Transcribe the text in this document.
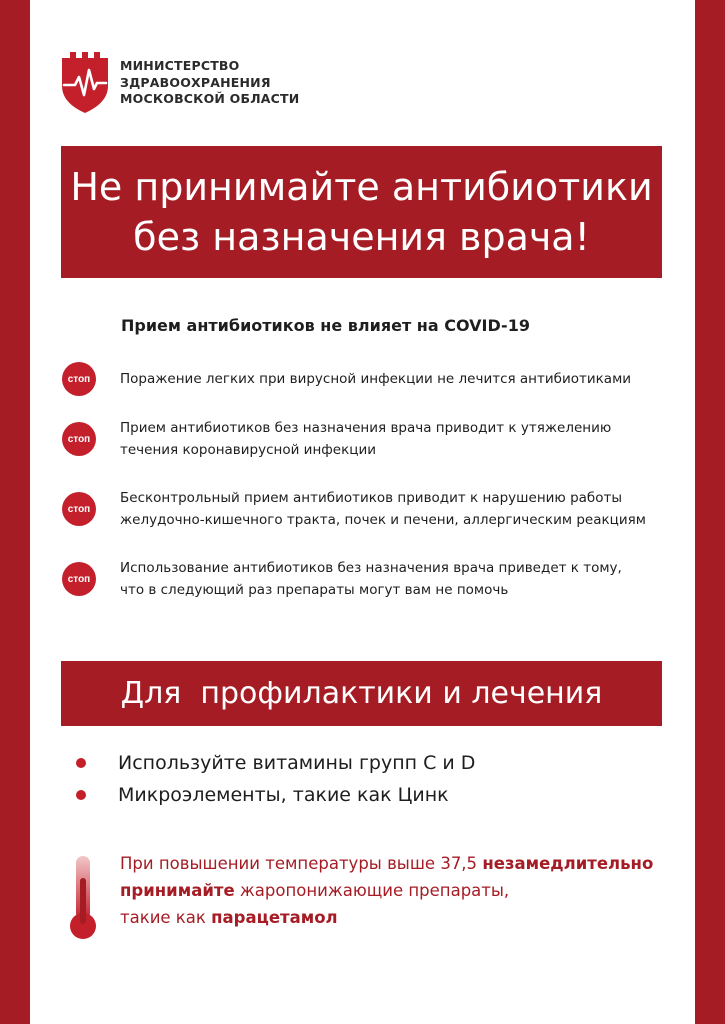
МИНИСТЕРСТВО
ЗДРАВООХРАНЕНИЯ
МОСКОВСКОЙ ОБЛАСТИ
Не принимайте антибиотики
без назначения врача!
Прием антибиотиков не влияет на COVID-19
стоп	Поражение легких при вирусной инфекции не лечится антибиотиками
стоп
Прием антибиотиков без назначения врача приводит к утяжелению
течения коронавирусной инфекции
стоп
Бесконтрольный прием антибиотиков приводит к нарушению работы
желудочно-кишечного тракта, почек и печени, аллергическим реакциям
стоп
Использование антибиотиков без назначения врача приведет к тому,
что в следующий раз препараты могут вам не помочь
Для  профилактики и лечения
Используйте витамины групп С и D
Микроэлементы, такие как Цинк
При повышении температуры выше 37,5 незамедлительно
принимайте жаропонижающие препараты,
такие как парацетамол
